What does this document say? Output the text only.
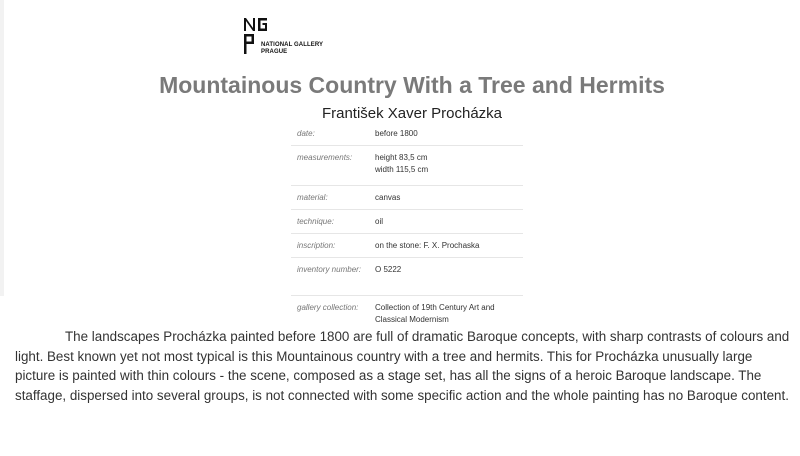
NATIONAL GALLERY
PRAGUE
Mountainous Country With a Tree and Hermits
František Xaver Procházka
date:	before 1800
measurements:	height 83,5 cm
width 115,5 cm
material:	canvas
technique:	oil
inscription:	on the stone: F. X. Prochaska
inventory number:	O 5222
gallery collection:	Collection of 19th Century Art and Classical Modernism
The landscapes Procházka painted before 1800 are full of dramatic Baroque concepts, with sharp contrasts of colours and light. Best known yet not most typical is this Mountainous country with a tree and hermits. This for Procházka unusually large picture is painted with thin colours - the scene, composed as a stage set, has all the signs of a heroic Baroque landscape. The staffage, dispersed into several groups, is not connected with some specific action and the whole painting has no Baroque content.
